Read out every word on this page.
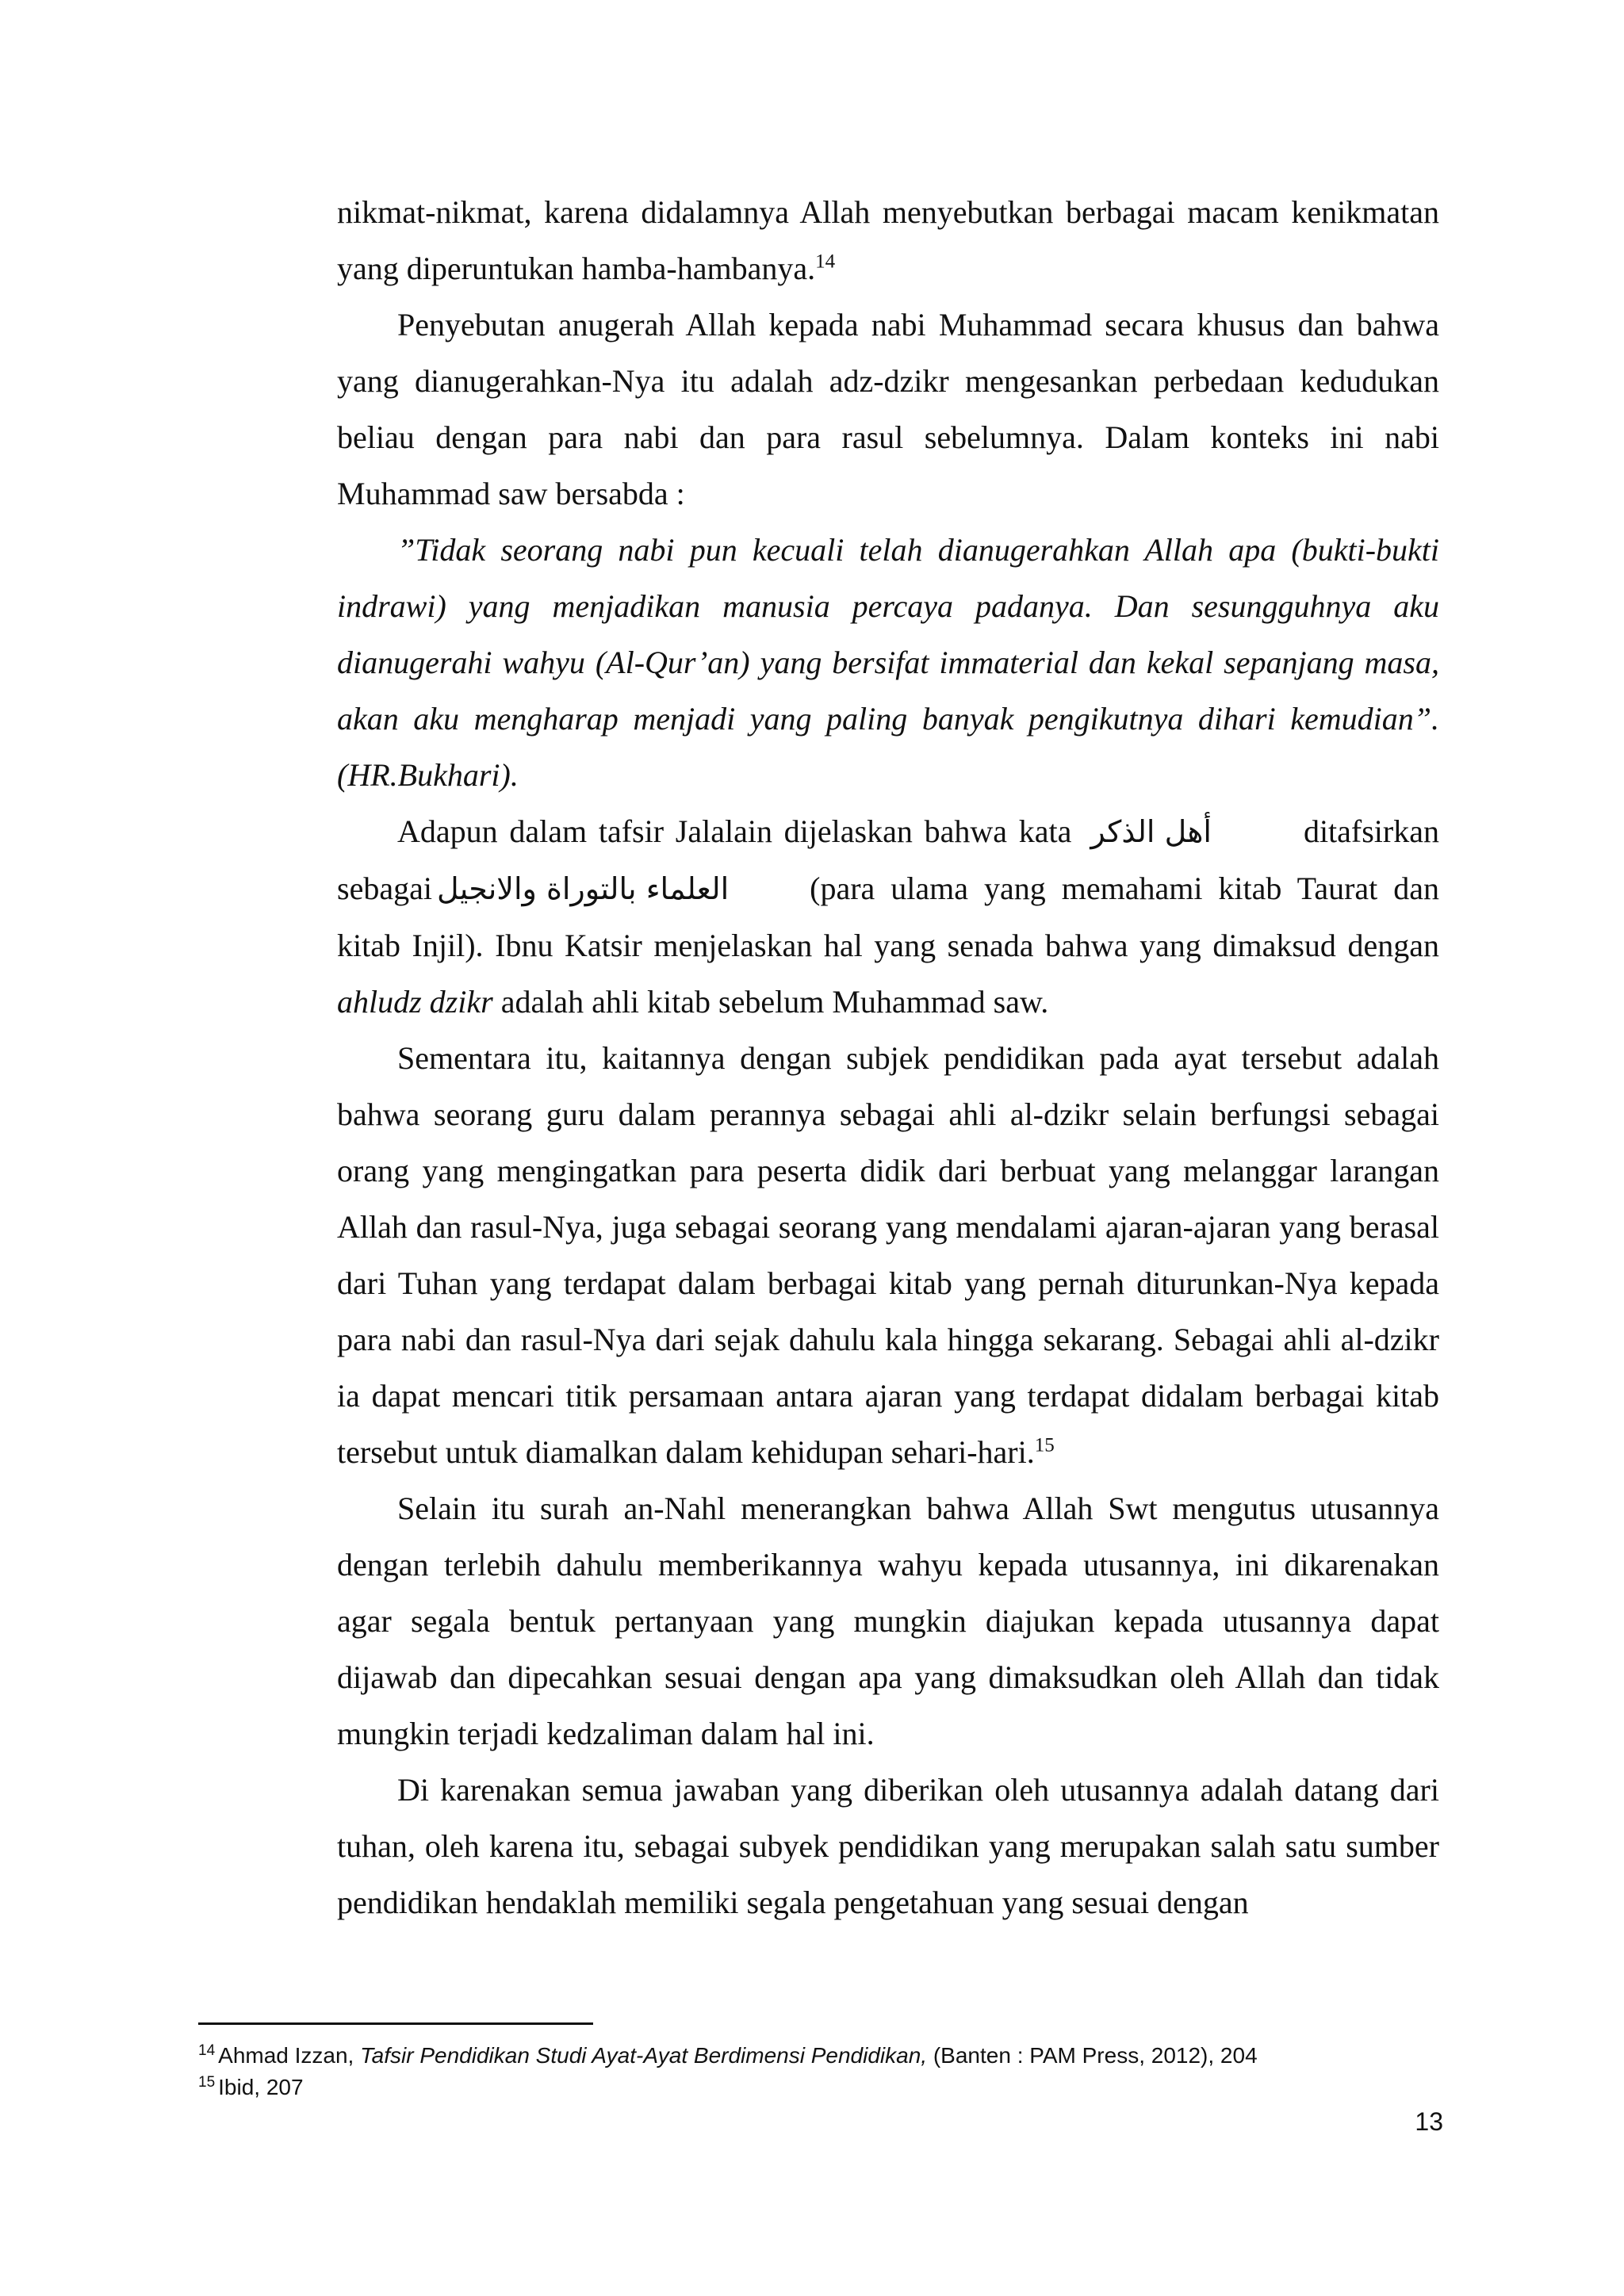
nikmat-nikmat, karena didalamnya Allah menyebutkan berbagai macam kenikmatan yang diperuntukan hamba-hambanya.$^{14}$

Penyebutan anugerah Allah kepada nabi Muhammad secara khusus dan bahwa yang dianugerahkan-Nya itu adalah adz-dzikr mengesankan perbedaan kedudukan beliau dengan para nabi dan para rasul sebelumnya. Dalam konteks ini nabi Muhammad saw bersabda :

”Tidak seorang nabi pun kecuali telah dianugerahkan Allah apa (bukti-bukti indrawi) yang menjadikan manusia percaya padanya. Dan sesungguhnya aku dianugerahi wahyu (Al-Qur’an) yang bersifat immaterial dan kekal sepanjang masa, akan aku mengharap menjadi yang paling banyak pengikutnya dihari kemudian”. (HR.Bukhari).

Adapun dalam tafsir Jalalain dijelaskan bahwa kata أهل الذكر	ditafsirkan sebagai العلماء بالتوراة والانجيل	(para ulama yang memahami kitab Taurat dan kitab Injil). Ibnu Katsir menjelaskan hal yang senada bahwa yang dimaksud dengan ahludz dzikr adalah ahli kitab sebelum Muhammad saw.

Sementara itu, kaitannya dengan subjek pendidikan pada ayat tersebut adalah bahwa seorang guru dalam perannya sebagai ahli al-dzikr selain berfungsi sebagai orang yang mengingatkan para peserta didik dari berbuat yang melanggar larangan Allah dan rasul-Nya, juga sebagai seorang yang mendalami ajaran-ajaran yang berasal dari Tuhan yang terdapat dalam berbagai kitab yang pernah diturunkan-Nya kepada para nabi dan rasul-Nya dari sejak dahulu kala hingga sekarang. Sebagai ahli al-dzikr ia dapat mencari titik persamaan antara ajaran yang terdapat didalam berbagai kitab tersebut untuk diamalkan dalam kehidupan sehari-hari.$^{15}$

Selain itu surah an-Nahl menerangkan bahwa Allah Swt mengutus utusannya dengan terlebih dahulu memberikannya wahyu kepada utusannya, ini dikarenakan agar segala bentuk pertanyaan yang mungkin diajukan kepada utusannya dapat dijawab dan dipecahkan sesuai dengan apa yang dimaksudkan oleh Allah dan tidak mungkin terjadi kedzaliman dalam hal ini.

Di karenakan semua jawaban yang diberikan oleh utusannya adalah datang dari tuhan, oleh karena itu, sebagai subyek pendidikan yang merupakan salah satu sumber pendidikan hendaklah memiliki segala pengetahuan yang sesuai dengan

$^{14}$ Ahmad Izzan, Tafsir Pendidikan Studi Ayat-Ayat Berdimensi Pendidikan, (Banten : PAM Press, 2012), 204
$^{15}$ Ibid, 207
13
